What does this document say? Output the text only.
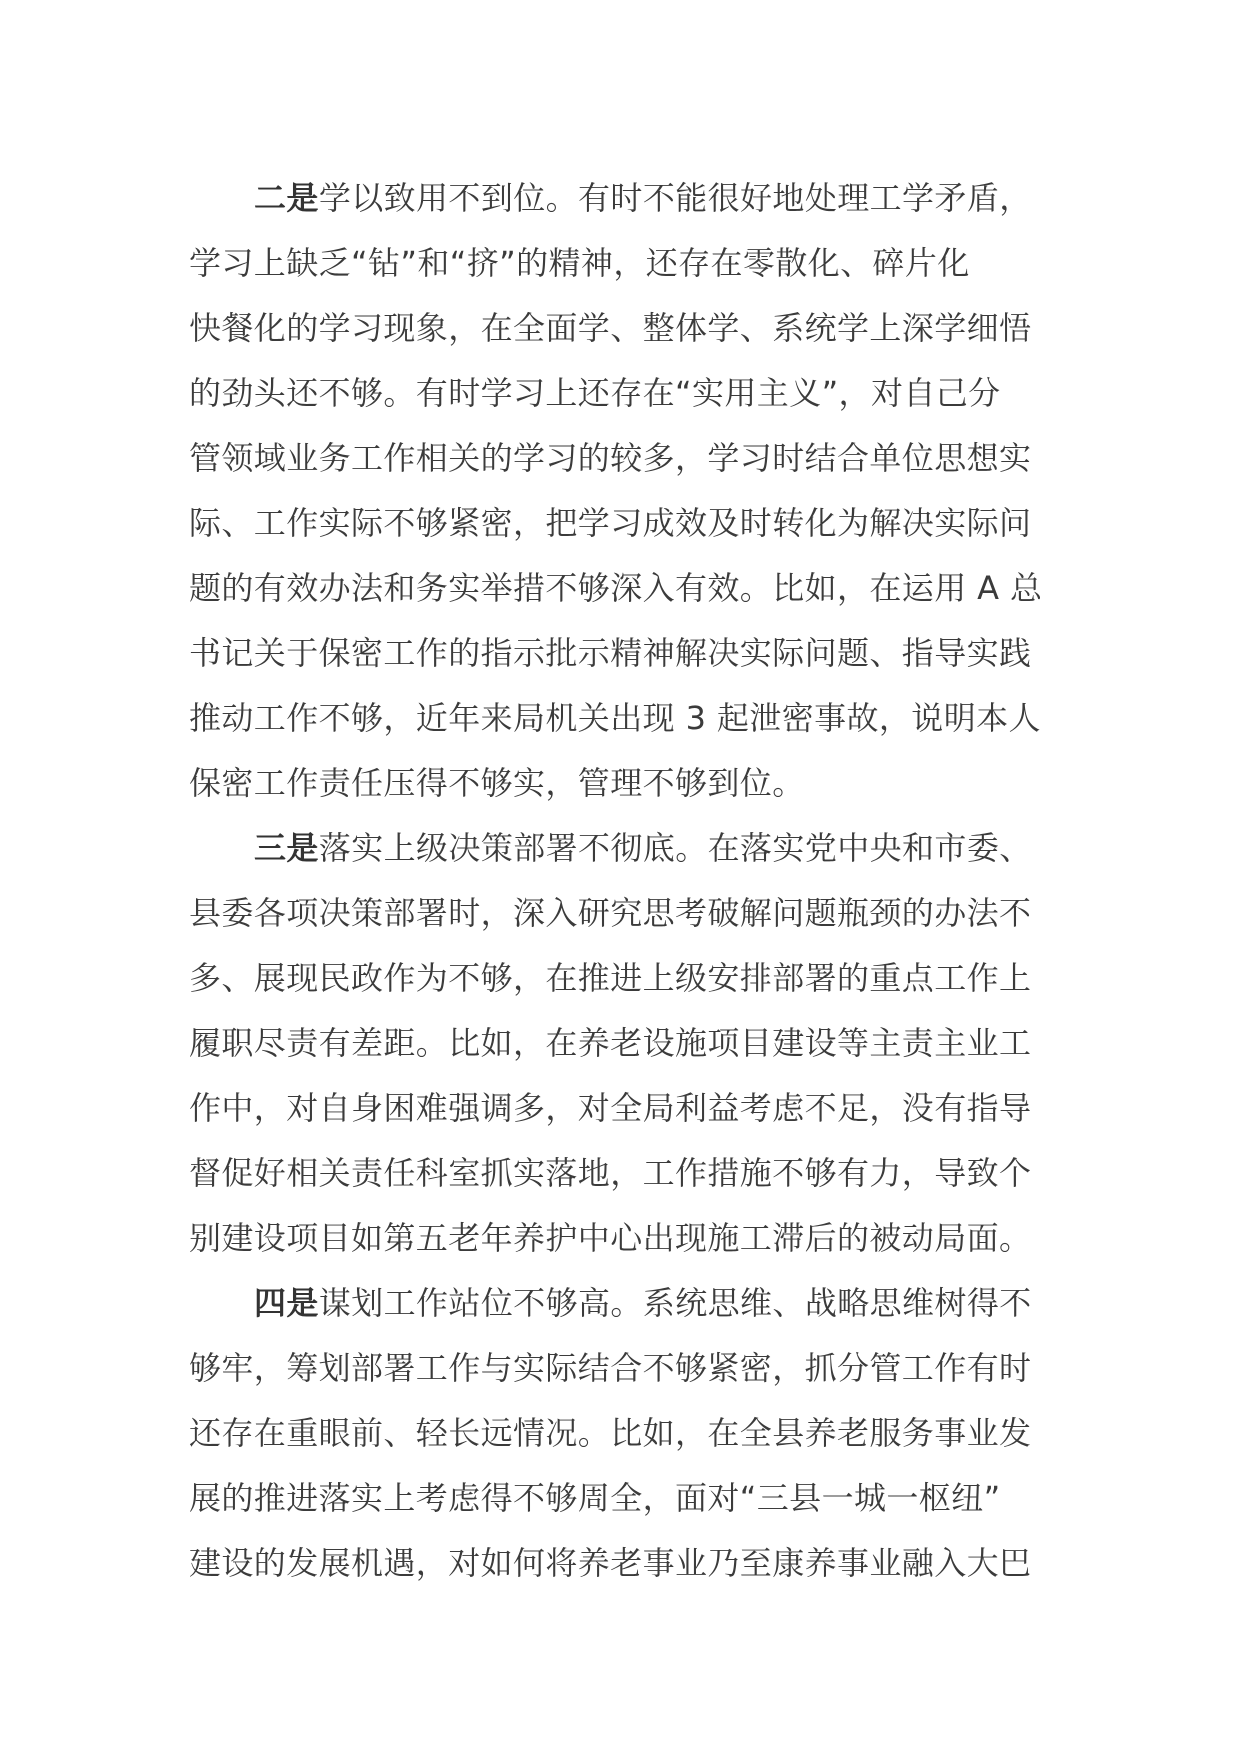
二是学以致用不到位。有时不能很好地处理工学矛盾，
学习上缺乏“钻”和“挤”的精神，还存在零散化、碎片化
快餐化的学习现象，在全面学、整体学、系统学上深学细悟
的劲头还不够。有时学习上还存在“实用主义”，对自己分
管领域业务工作相关的学习的较多，学习时结合单位思想实
际、工作实际不够紧密，把学习成效及时转化为解决实际问
题的有效办法和务实举措不够深入有效。比如，在运用 A 总
书记关于保密工作的指示批示精神解决实际问题、指导实践
推动工作不够，近年来局机关出现 3 起泄密事故，说明本人
保密工作责任压得不够实，管理不够到位。
三是落实上级决策部署不彻底。在落实党中央和市委、
县委各项决策部署时，深入研究思考破解问题瓶颈的办法不
多、展现民政作为不够，在推进上级安排部署的重点工作上
履职尽责有差距。比如，在养老设施项目建设等主责主业工
作中，对自身困难强调多，对全局利益考虑不足，没有指导
督促好相关责任科室抓实落地，工作措施不够有力，导致个
别建设项目如第五老年养护中心出现施工滞后的被动局面。
四是谋划工作站位不够高。系统思维、战略思维树得不
够牢，筹划部署工作与实际结合不够紧密，抓分管工作有时
还存在重眼前、轻长远情况。比如，在全县养老服务事业发
展的推进落实上考虑得不够周全，面对“三县一城一枢纽”
建设的发展机遇，对如何将养老事业乃至康养事业融入大巴
